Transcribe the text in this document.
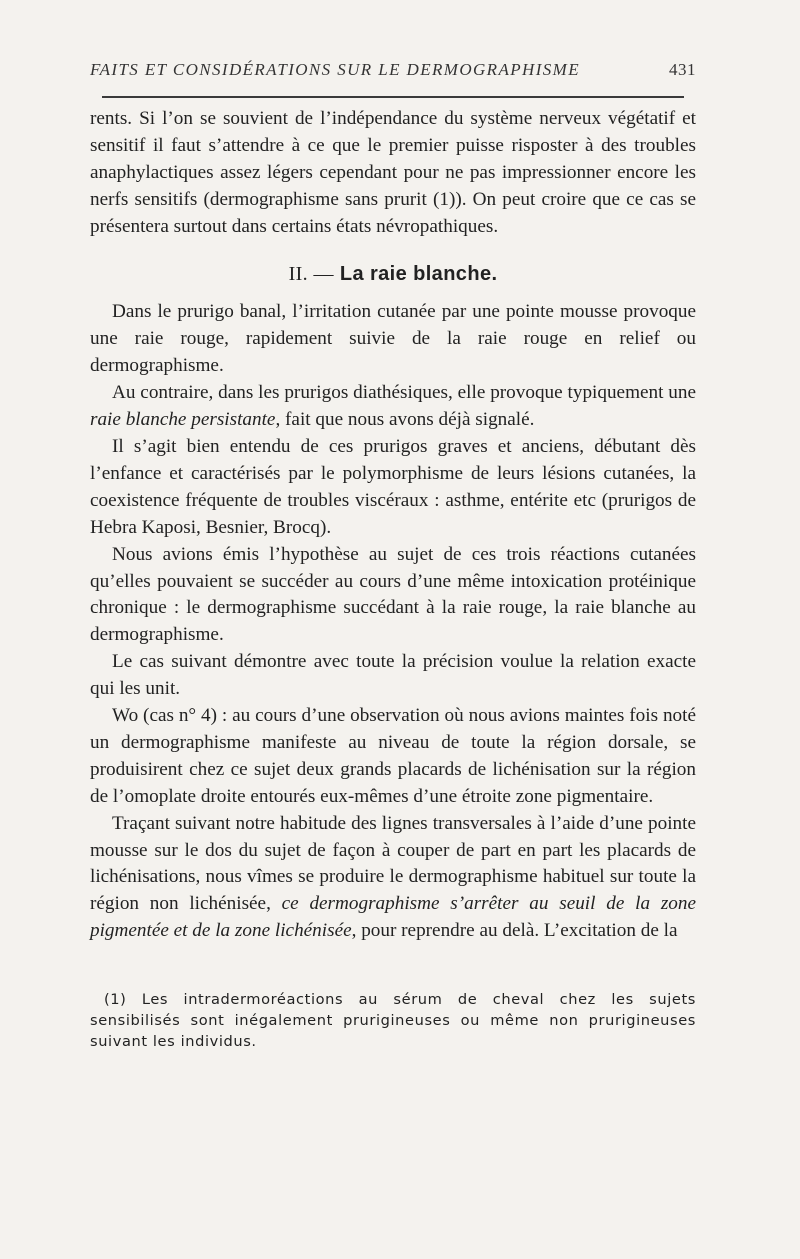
FAITS ET CONSIDÉRATIONS SUR LE DERMOGRAPHISME	431

rents. Si l’on se souvient de l’indépendance du système nerveux végétatif et sensitif il faut s’attendre à ce que le premier puisse risposter à des troubles anaphylactiques assez légers cependant pour ne pas impressionner encore les nerfs sensitifs (dermographisme sans prurit (1)). On peut croire que ce cas se présentera surtout dans certains états névropathiques.

II. — La raie blanche.

Dans le prurigo banal, l’irritation cutanée par une pointe mousse provoque une raie rouge, rapidement suivie de la raie rouge en relief ou dermographisme.

Au contraire, dans les prurigos diathésiques, elle provoque typiquement une raie blanche persistante, fait que nous avons déjà signalé.

Il s’agit bien entendu de ces prurigos graves et anciens, débutant dès l’enfance et caractérisés par le polymorphisme de leurs lésions cutanées, la coexistence fréquente de troubles viscéraux : asthme, entérite etc (prurigos de Hebra Kaposi, Besnier, Brocq).

Nous avions émis l’hypothèse au sujet de ces trois réactions cutanées qu’elles pouvaient se succéder au cours d’une même intoxication protéinique chronique : le dermographisme succédant à la raie rouge, la raie blanche au dermographisme.

Le cas suivant démontre avec toute la précision voulue la relation exacte qui les unit.

Wo (cas n° 4) : au cours d’une observation où nous avions maintes fois noté un dermographisme manifeste au niveau de toute la région dorsale, se produisirent chez ce sujet deux grands placards de lichénisation sur la région de l’omoplate droite entourés eux-mêmes d’une étroite zone pigmentaire.

Traçant suivant notre habitude des lignes transversales à l’aide d’une pointe mousse sur le dos du sujet de façon à couper de part en part les placards de lichénisations, nous vîmes se produire le dermographisme habituel sur toute la région non lichénisée, ce dermographisme s’arrêter au seuil de la zone pigmentée et de la zone lichénisée, pour reprendre au delà. L’excitation de la

(1) Les intradermoréactions au sérum de cheval chez les sujets sensibilisés sont inégalement prurigineuses ou même non prurigineuses suivant les individus.
